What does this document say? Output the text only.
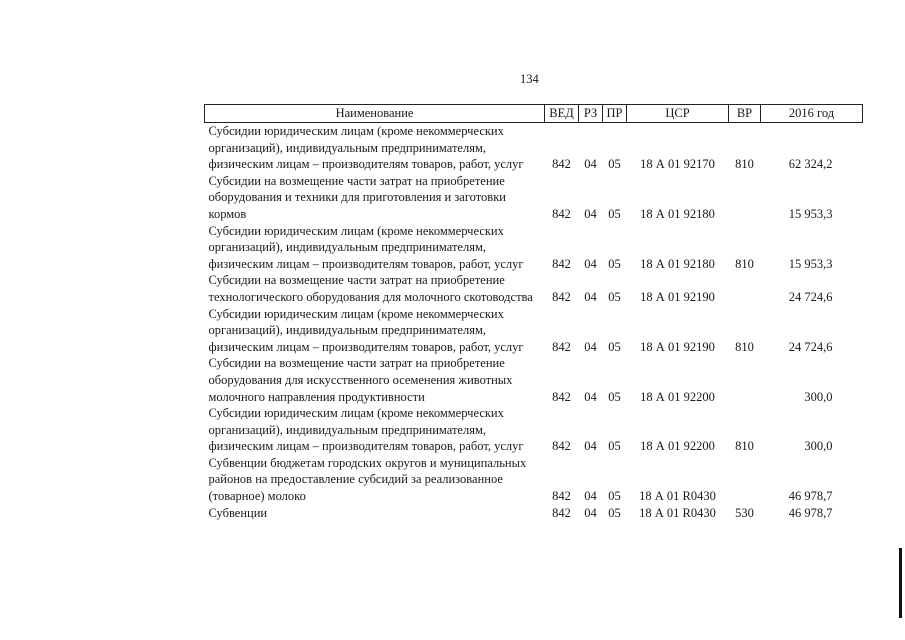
134
Наименование	ВЕД	РЗ	ПР	ЦСР	ВР	2016 год
Субсидии юридическим лицам (кроме некоммерческих организаций), индивидуальным предпринимателям, физическим лицам – производителям товаров, работ, услуг	842	04	05	18 А 01 92170	810	62 324,2
Субсидии на возмещение части затрат на приобретение оборудования и техники для приготовления и заготовки кормов	842	04	05	18 А 01 92180		15 953,3
Субсидии юридическим лицам (кроме некоммерческих организаций), индивидуальным предпринимателям, физическим лицам – производителям товаров, работ, услуг	842	04	05	18 А 01 92180	810	15 953,3
Субсидии на возмещение части затрат на приобретение технологического оборудования для молочного скотоводства	842	04	05	18 А 01 92190		24 724,6
Субсидии юридическим лицам (кроме некоммерческих организаций), индивидуальным предпринимателям, физическим лицам – производителям товаров, работ, услуг	842	04	05	18 А 01 92190	810	24 724,6
Субсидии на возмещение части затрат на приобретение оборудования для искусственного осеменения животных молочного направления продуктивности	842	04	05	18 А 01 92200		300,0
Субсидии юридическим лицам (кроме некоммерческих организаций), индивидуальным предпринимателям, физическим лицам – производителям товаров, работ, услуг	842	04	05	18 А 01 92200	810	300,0
Субвенции бюджетам городских округов и муниципальных районов на предоставление субсидий за реализованное (товарное) молоко	842	04	05	18 А 01 R0430		46 978,7
Субвенции	842	04	05	18 А 01 R0430	530	46 978,7
